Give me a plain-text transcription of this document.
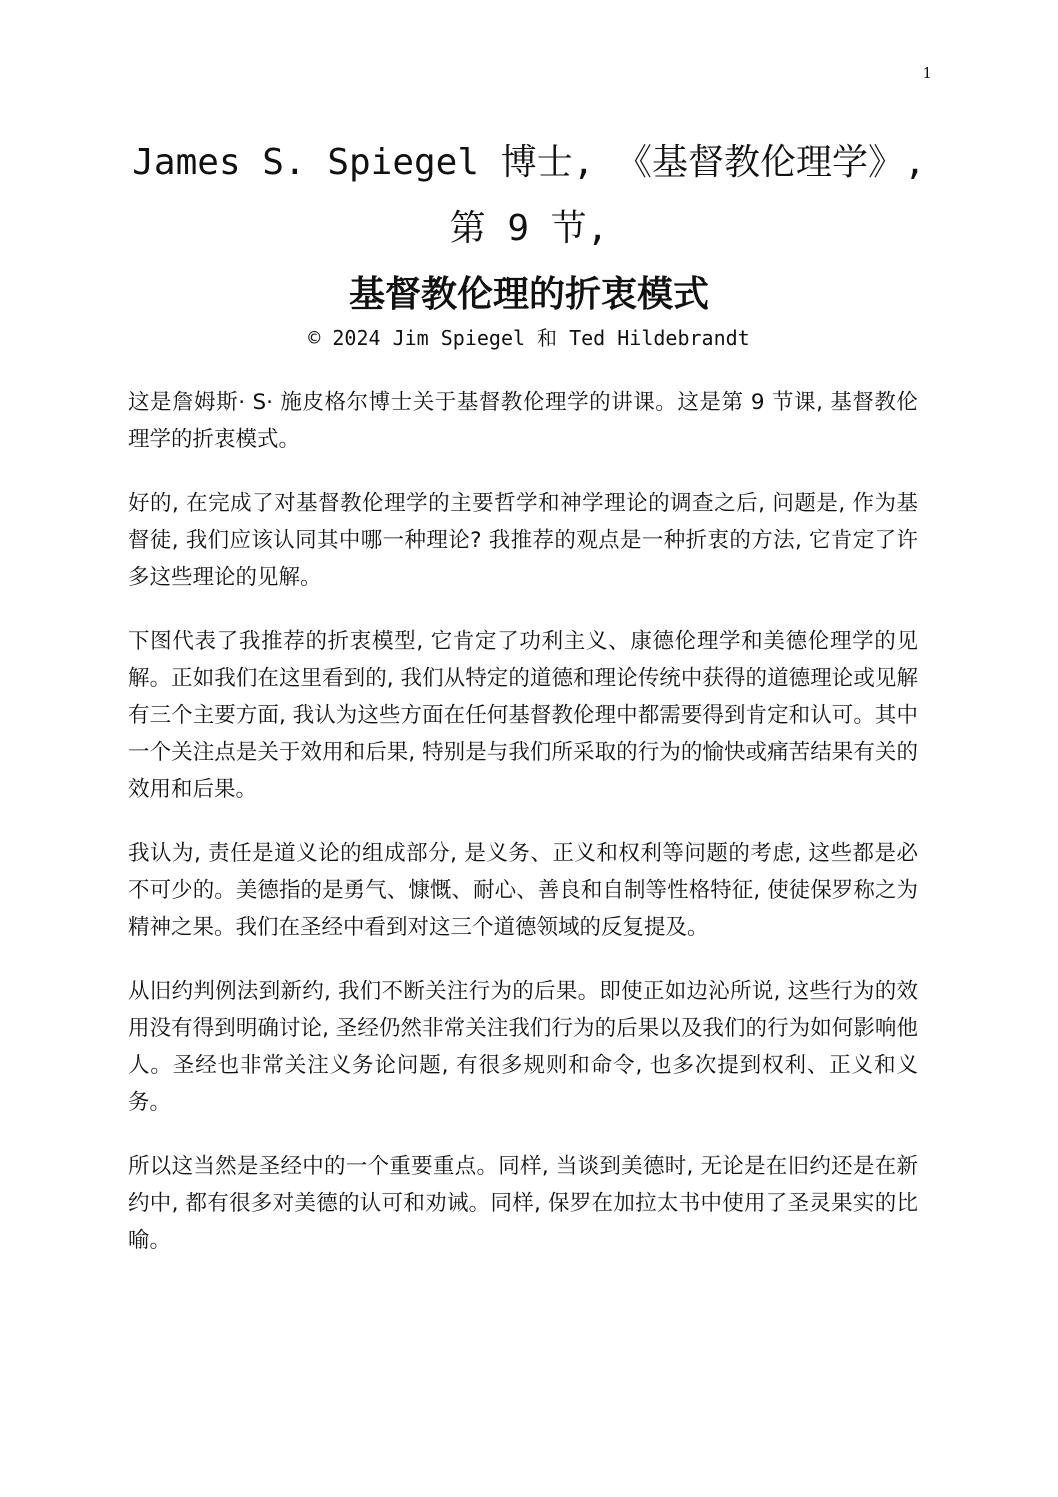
1
James S. Spiegel 博士, 《基督教伦理学》,
第 9 节,
基督教伦理的折衷模式
© 2024 Jim Spiegel 和 Ted Hildebrandt

这是詹姆斯· S· 施皮格尔博士关于基督教伦理学的讲课。这是第 9 节课, 基督教伦理学的折衷模式。

好的, 在完成了对基督教伦理学的主要哲学和神学理论的调查之后, 问题是, 作为基督徒, 我们应该认同其中哪一种理论? 我推荐的观点是一种折衷的方法, 它肯定了许多这些理论的见解。

下图代表了我推荐的折衷模型, 它肯定了功利主义、康德伦理学和美德伦理学的见解。正如我们在这里看到的, 我们从特定的道德和理论传统中获得的道德理论或见解有三个主要方面, 我认为这些方面在任何基督教伦理中都需要得到肯定和认可。其中一个关注点是关于效用和后果, 特别是与我们所采取的行为的愉快或痛苦结果有关的效用和后果。

我认为, 责任是道义论的组成部分, 是义务、正义和权利等问题的考虑, 这些都是必不可少的。美德指的是勇气、慷慨、耐心、善良和自制等性格特征, 使徒保罗称之为精神之果。我们在圣经中看到对这三个道德领域的反复提及。

从旧约判例法到新约, 我们不断关注行为的后果。即使正如边沁所说, 这些行为的效用没有得到明确讨论, 圣经仍然非常关注我们行为的后果以及我们的行为如何影响他人。圣经也非常关注义务论问题, 有很多规则和命令, 也多次提到权利、正义和义务。

所以这当然是圣经中的一个重要重点。同样, 当谈到美德时, 无论是在旧约还是在新约中, 都有很多对美德的认可和劝诫。同样, 保罗在加拉太书中使用了圣灵果实的比喻。
